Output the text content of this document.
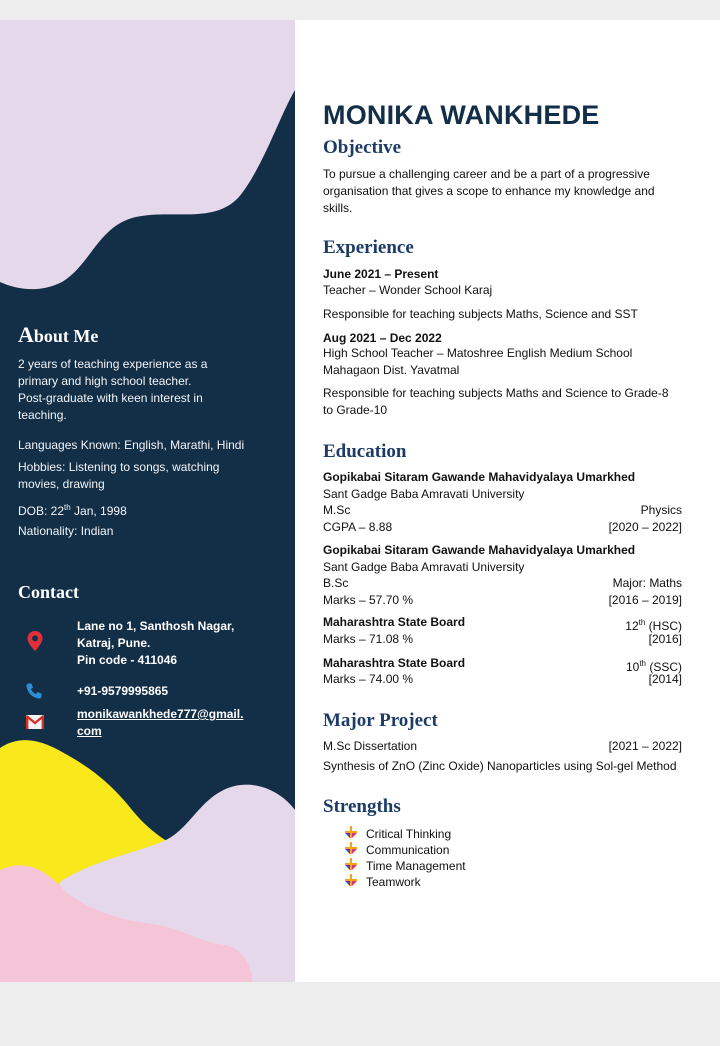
About Me
2 years of teaching experience as a
primary and high school teacher.
Post-graduate with keen interest in
teaching.
Languages Known: English, Marathi, Hindi
Hobbies: Listening to songs, watching
movies, drawing
DOB: 22th Jan, 1998
Nationality: Indian
Contact
Lane no 1, Santhosh Nagar,
Katraj, Pune.
Pin code - 411046
+91-9579995865
monikawankhede777@gmail.
com
MONIKA WANKHEDE
Objective
To pursue a challenging career and be a part of a progressive
organisation that gives a scope to enhance my knowledge and
skills.
Experience
June 2021 – Present
Teacher – Wonder School Karaj
Responsible for teaching subjects Maths, Science and SST
Aug 2021 – Dec 2022
High School Teacher – Matoshree English Medium School
Mahagaon Dist. Yavatmal
Responsible for teaching subjects Maths and Science to Grade-8
to Grade-10
Education
Gopikabai Sitaram Gawande Mahavidyalaya Umarkhed
Sant Gadge Baba Amravati University
M.Sc	Physics
CGPA – 8.88	[2020 – 2022]
Gopikabai Sitaram Gawande Mahavidyalaya Umarkhed
Sant Gadge Baba Amravati University
B.Sc	Major: Maths
Marks – 57.70 %	[2016 – 2019]
Maharashtra State Board	12th (HSC)
Marks – 71.08 %	[2016]
Maharashtra State Board	10th (SSC)
Marks – 74.00 %	[2014]
Major Project
M.Sc Dissertation	[2021 – 2022]
Synthesis of ZnO (Zinc Oxide) Nanoparticles using Sol-gel Method
Strengths
Critical Thinking
Communication
Time Management
Teamwork
